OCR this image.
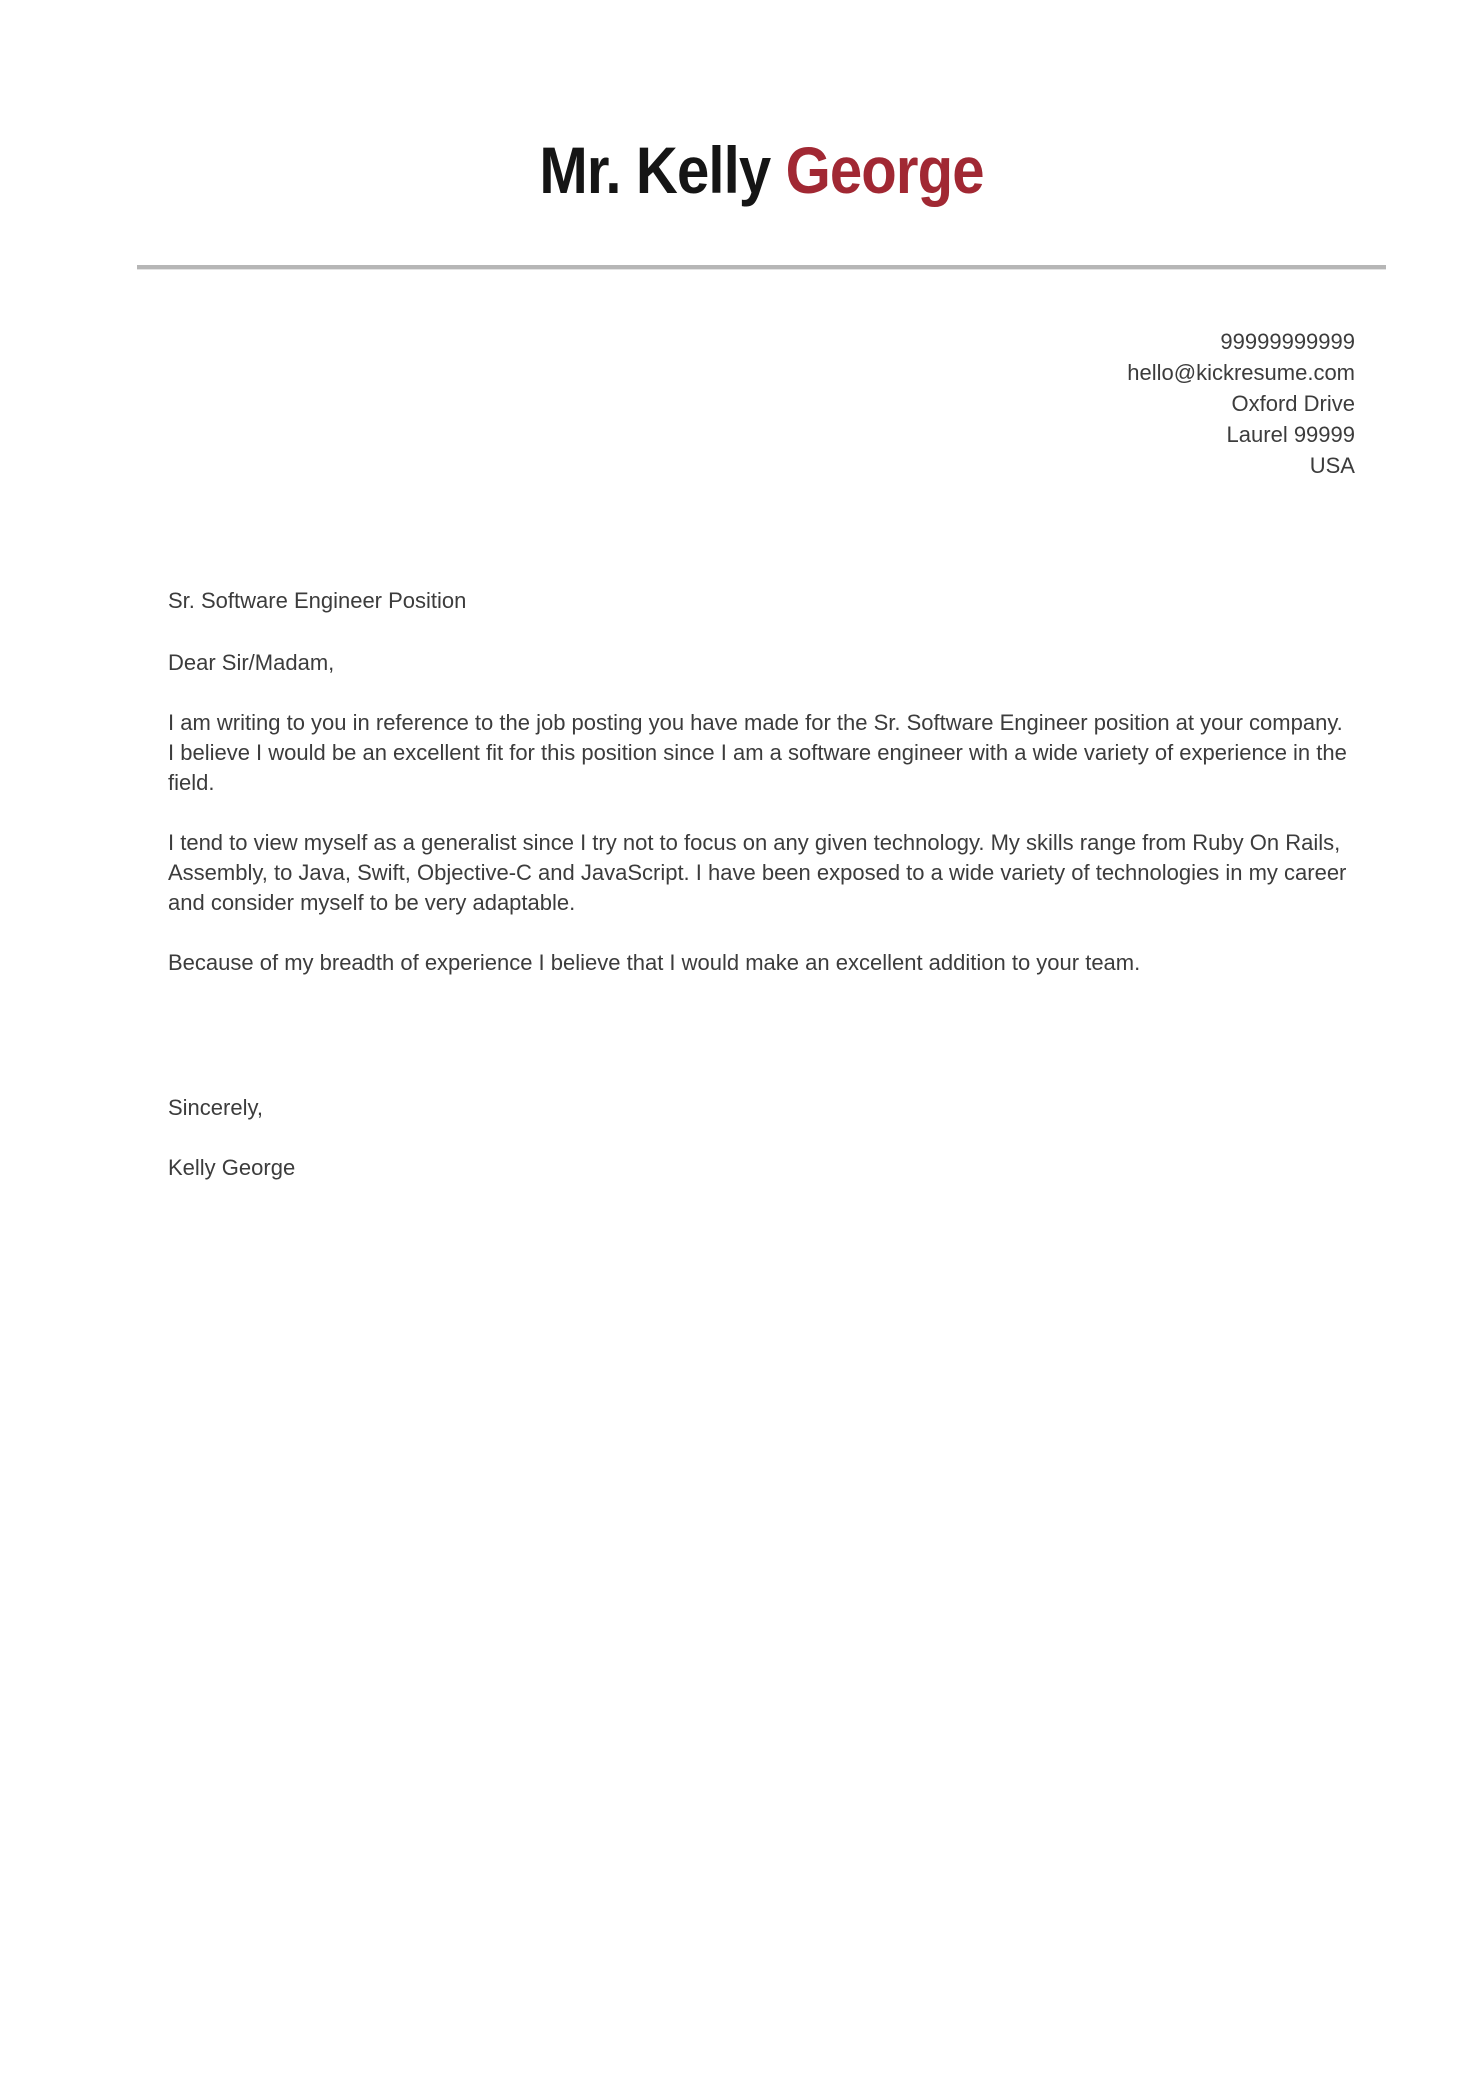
Mr. Kelly George
99999999999
hello@kickresume.com
Oxford Drive
Laurel 99999
USA

Sr. Software Engineer Position

Dear Sir/Madam,

I am writing to you in reference to the job posting you have made for the Sr. Software Engineer position at your company. I believe I would be an excellent fit for this position since I am a software engineer with a wide variety of experience in the field.

I tend to view myself as a generalist since I try not to focus on any given technology. My skills range from Ruby On Rails, Assembly, to Java, Swift, Objective-C and JavaScript. I have been exposed to a wide variety of technologies in my career and consider myself to be very adaptable.

Because of my breadth of experience I believe that I would make an excellent addition to your team.

Sincerely,

Kelly George
